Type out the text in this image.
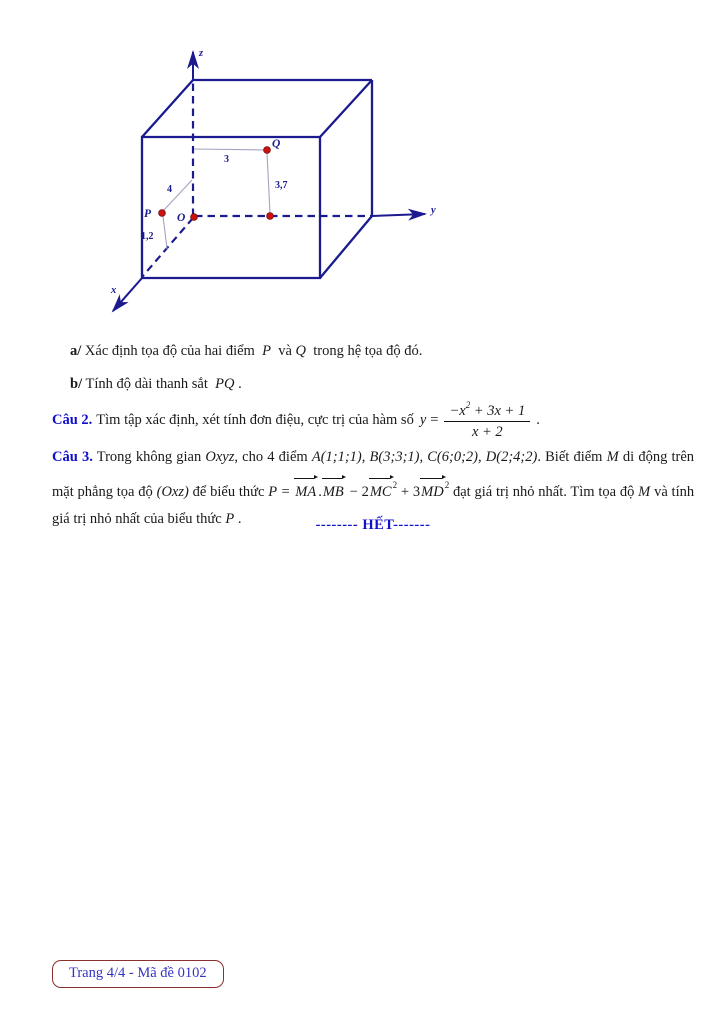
z
y
x
P O
Q
3
3,7
4
1,2

a/ Xác định tọa độ của hai điểm P và Q trong hệ tọa độ đó.

b/ Tính độ dài thanh sắt PQ .

Câu 2. Tìm tập xác định, xét tính đơn điệu, cực trị của hàm số $y = \frac{-x^2 + 3x + 1}{x + 2}$ .

Câu 3. Trong không gian Oxyz, cho 4 điểm A(1;1;1), B(3;3;1), C(6;0;2), D(2;4;2). Biết điểm M di động trên mặt phẳng tọa độ (Oxz) để biểu thức P = MA $.MB - 2MC^2 + 3MD^2$ đạt giá trị nhỏ nhất. Tìm tọa độ M và tính giá trị nhỏ nhất của biểu thức P .	-------- HẾT-------
Trang 4/4 - Mã đề 0102
